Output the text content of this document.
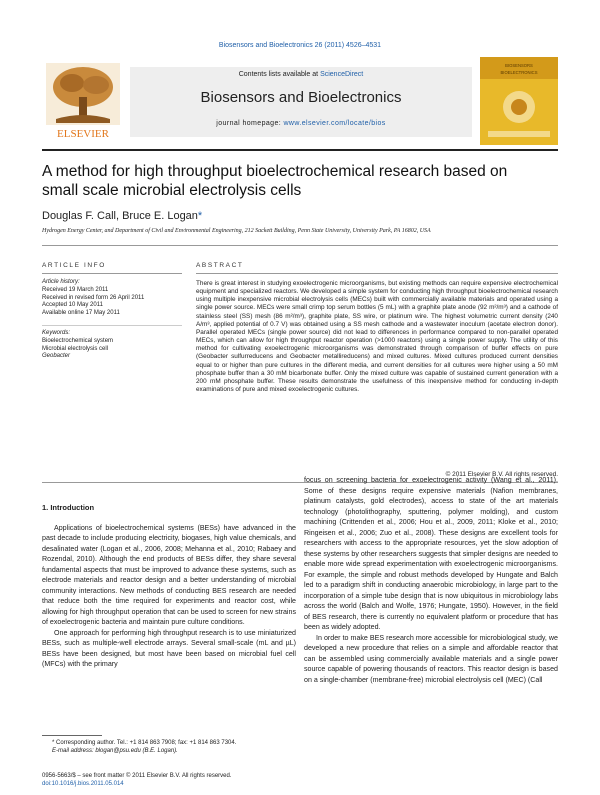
Biosensors and Bioelectronics 26 (2011) 4526–4531
ELSEVIER
Contents lists available at ScienceDirect
Biosensors and Bioelectronics
journal homepage: www.elsevier.com/locate/bios
BIOSENSORS
BIOELECTRONICS
A method for high throughput bioelectrochemical research based on small scale microbial electrolysis cells
Douglas F. Call, Bruce E. Logan*
Hydrogen Energy Center, and Department of Civil and Environmental Engineering, 212 Sackett Building, Penn State University, University Park, PA 16802, USA
ARTICLE INFO
Article history:
Received 19 March 2011
Received in revised form 26 April 2011
Accepted 10 May 2011
Available online 17 May 2011
Keywords:
Bioelectrochemical system
Microbial electrolysis cell
Geobacter
ABSTRACT
There is great interest in studying exoelectrogenic microorganisms, but existing methods can require expensive electrochemical equipment and specialized reactors. We developed a simple system for conducting high throughput bioelectrochemical research using multiple inexpensive microbial electrolysis cells (MECs) built with commercially available materials and operated using a single power source. MECs were small crimp top serum bottles (5 mL) with a graphite plate anode (92 m²/m³) and a cathode of stainless steel (SS) mesh (86 m²/m³), graphite plate, SS wire, or platinum wire. The highest volumetric current density (240 A/m³, applied potential of 0.7 V) was obtained using a SS mesh cathode and a wastewater inoculum (acetate electron donor). Parallel operated MECs (single power source) did not lead to differences in performance compared to non-parallel operated MECs, which can allow for high throughput reactor operation (>1000 reactors) using a single power supply. The utility of this method for cultivating exoelectrogenic microorganisms was demonstrated through comparison of buffer effects on pure (Geobacter sulfurreducens and Geobacter metallireducens) and mixed cultures. Mixed cultures produced current densities equal to or higher than pure cultures in the different media, and current densities for all cultures were higher using a 50 mM phosphate buffer than a 30 mM bicarbonate buffer. Only the mixed culture was capable of sustained current generation with a 200 mM phosphate buffer. These results demonstrate the usefulness of this inexpensive method for conducting in-depth examinations of pure and mixed exoelectrogenic cultures.
© 2011 Elsevier B.V. All rights reserved.
1. Introduction

Applications of bioelectrochemical systems (BESs) have advanced in the past decade to include producing electricity, biogases, high value chemicals, and desalinated water (Logan et al., 2006, 2008; Mehanna et al., 2010; Rabaey and Rozendal, 2010). Although the end products of BESs differ, they share several fundamental aspects that must be improved to advance these systems, such as electrode materials and reactor design and a better understanding of microbial community interactions. New methods of conducting BES research are needed that reduce both the time required for experiments and reactor cost, while allowing for high throughput operation that can be used to screen for new strains of exoelectrogenic bacteria and maintain pure culture conditions.

One approach for performing high throughput research is to use miniaturized BESs, such as multiple-well electrode arrays. Several small-scale (mL and µL) BESs have been designed, but most have been based on microbial fuel cell (MFCs) with the primary

focus on screening bacteria for exoelectrogenic activity (Wang et al., 2011). Some of these designs require expensive materials (Nafion membranes, platinum catalysts, gold electrodes), access to state of the art materials technology (photolithography, sputtering, polymer molding), and custom machining (Crittenden et al., 2006; Hou et al., 2009, 2011; Kloke et al., 2010; Ringeisen et al., 2006; Zuo et al., 2008). These designs are excellent tools for researchers with access to the appropriate resources, yet the slow adoption of these systems by other researchers suggests that simpler designs are needed to enable more wide spread experimentation with exoelectrogenic microorganisms. For example, the simple and robust methods developed by Hungate and Balch led to a paradigm shift in conducting anaerobic microbiology, in large part to the incorporation of a simple tube design that is now ubiquitous in microbiology labs across the world (Balch and Wolfe, 1976; Hungate, 1950). However, in the field of BES research, there is currently no equivalent platform or procedure that has been as widely adopted.

In order to make BES research more accessible for microbiological study, we developed a new procedure that relies on a simple and affordable reactor that can be assembled using commercially available materials and a single power source capable of powering thousands of reactors. This reactor design is based on a single-chamber (membrane-free) microbial electrolysis cell (MEC) (Call

* Corresponding author. Tel.: +1 814 863 7908; fax: +1 814 863 7304.
E-mail address: blogan@psu.edu (B.E. Logan).
0956-5663/$ – see front matter © 2011 Elsevier B.V. All rights reserved.
doi:10.1016/j.bios.2011.05.014
